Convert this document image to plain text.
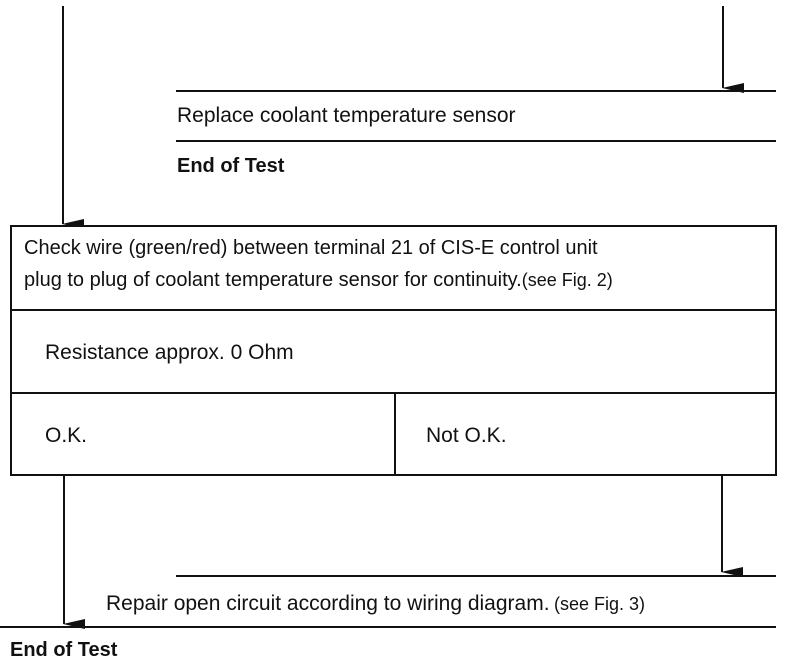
Replace coolant temperature sensor
End of Test
Check wire (green/red) between terminal 21 of CIS-E control unit
plug to plug of coolant temperature sensor for continuity.(see Fig. 2)
Resistance approx. 0 Ohm
O.K.	Not O.K.
Repair open circuit according to wiring diagram. (see Fig. 3)
End of Test
